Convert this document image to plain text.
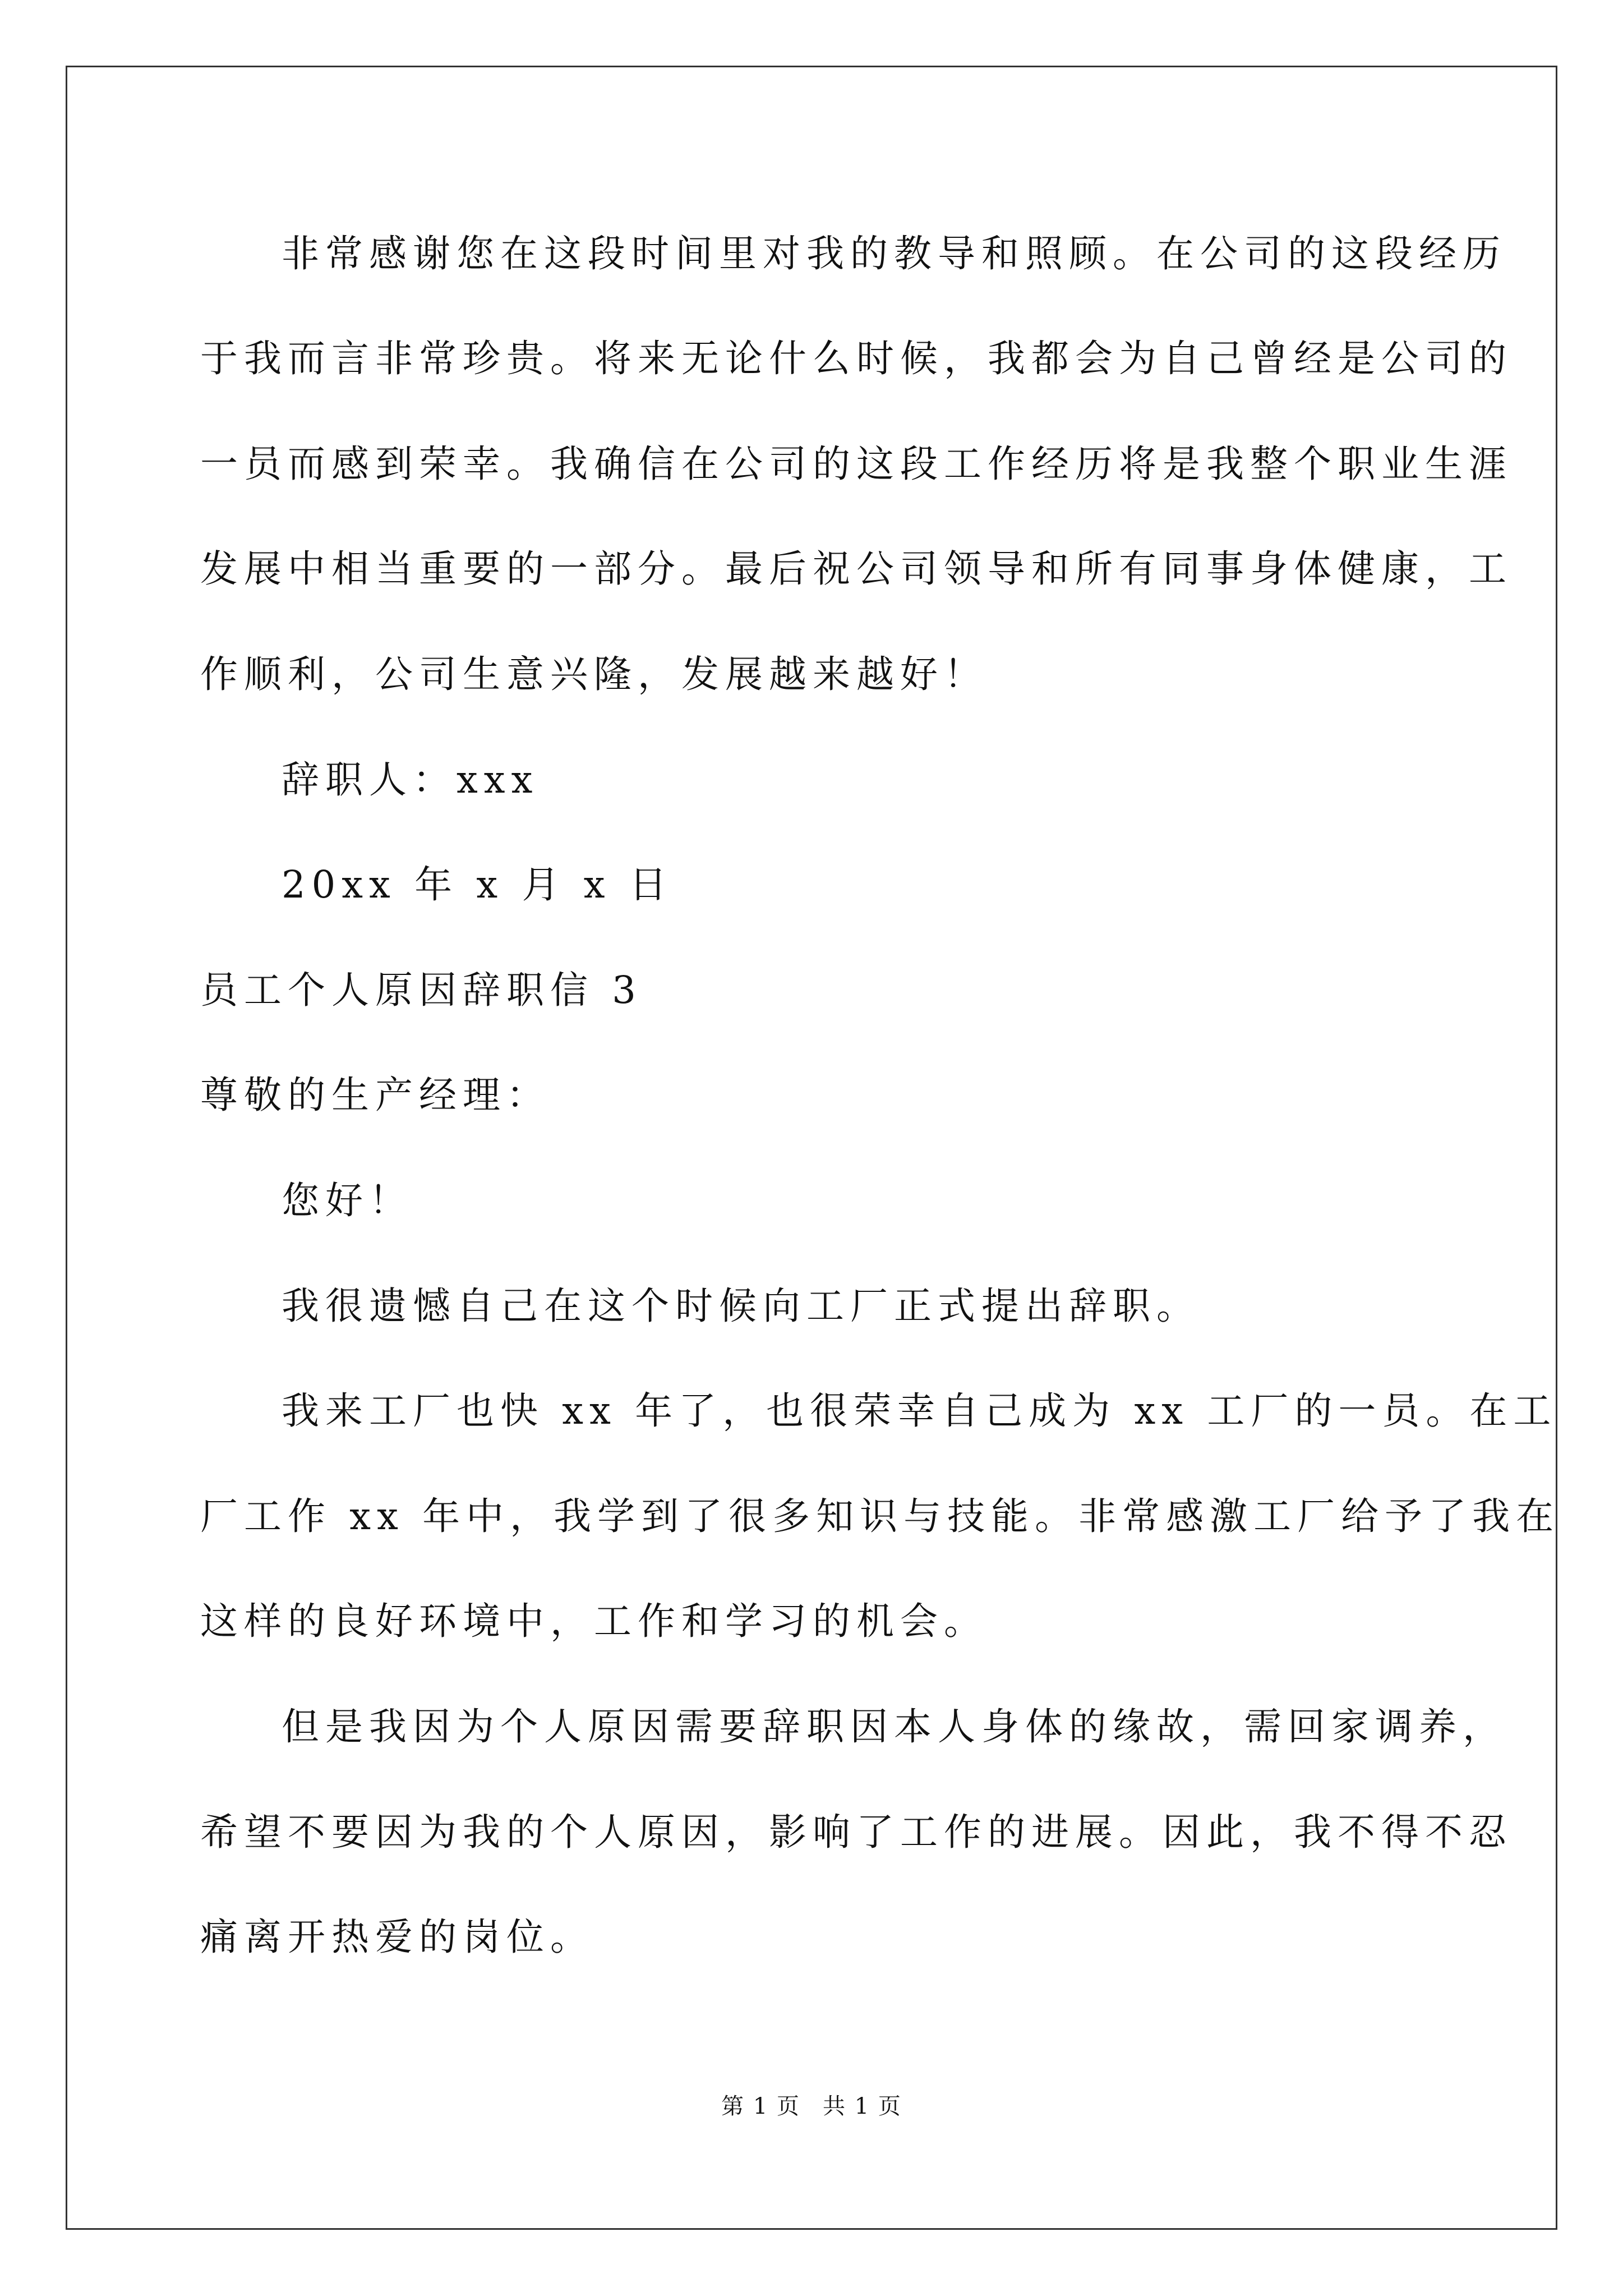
非常感谢您在这段时间里对我的教导和照顾。在公司的这段经历
于我而言非常珍贵。将来无论什么时候，我都会为自己曾经是公司的
一员而感到荣幸。我确信在公司的这段工作经历将是我整个职业生涯
发展中相当重要的一部分。最后祝公司领导和所有同事身体健康，工
作顺利，公司生意兴隆，发展越来越好！
辞职人：xxx
20xx 年 x 月 x 日
员工个人原因辞职信 3
尊敬的生产经理：
您好！
我很遗憾自己在这个时候向工厂正式提出辞职。
我来工厂也快 xx 年了，也很荣幸自己成为 xx 工厂的一员。在工
厂工作 xx 年中，我学到了很多知识与技能。非常感激工厂给予了我在
这样的良好环境中，工作和学习的机会。
但是我因为个人原因需要辞职因本人身体的缘故，需回家调养，
希望不要因为我的个人原因，影响了工作的进展。因此，我不得不忍
痛离开热爱的岗位。
第 1 页 共 1 页
